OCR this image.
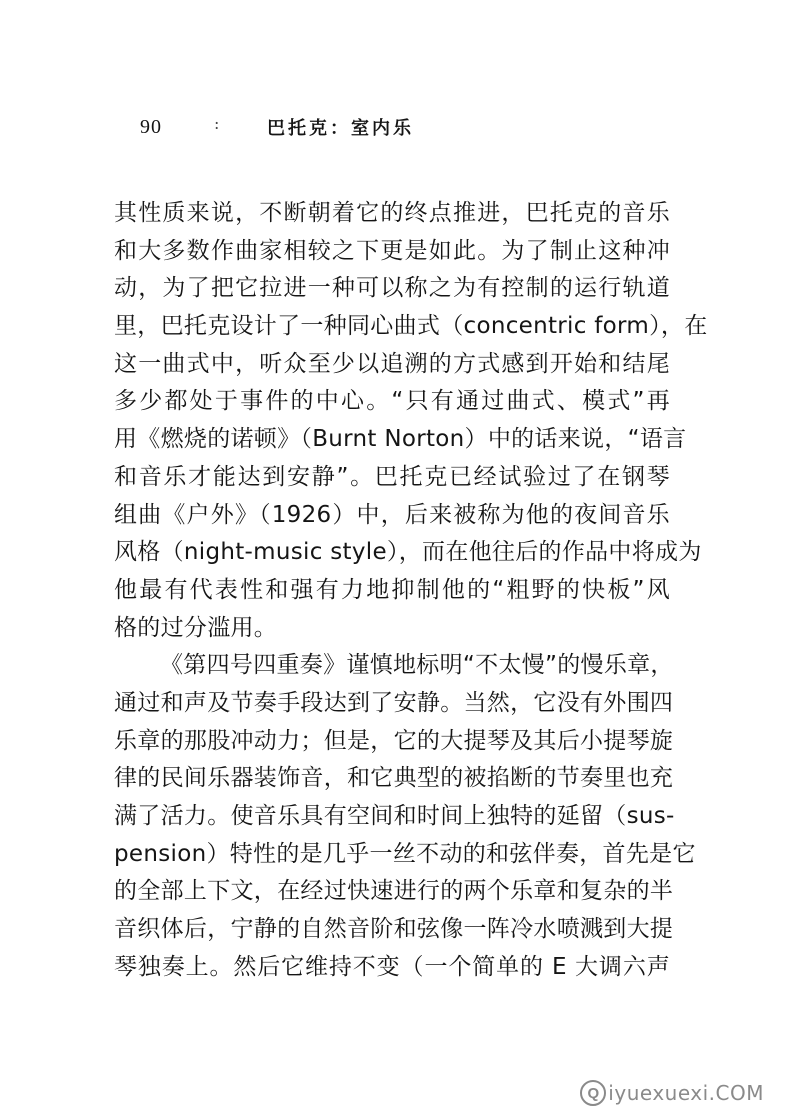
90	:	巴托克：室内乐
其性质来说，不断朝着它的终点推进，巴托克的音乐
和大多数作曲家相较之下更是如此。为了制止这种冲
动，为了把它拉进一种可以称之为有控制的运行轨道
里，巴托克设计了一种同心曲式（concentric form），在
这一曲式中，听众至少以追溯的方式感到开始和结尾
多少都处于事件的中心。“只有通过曲式、模式”再
用《燃烧的诺顿》（Burnt Norton）中的话来说，“语言
和音乐才能达到安静”。巴托克已经试验过了在钢琴
组曲《户外》（1926）中，后来被称为他的夜间音乐
风格（night-music style），而在他往后的作品中将成为
他最有代表性和强有力地抑制他的“粗野的快板”风
格的过分滥用。
《第四号四重奏》谨慎地标明“不太慢”的慢乐章，
通过和声及节奏手段达到了安静。当然，它没有外围四
乐章的那股冲动力；但是，它的大提琴及其后小提琴旋
律的民间乐器装饰音，和它典型的被掐断的节奏里也充
满了活力。使音乐具有空间和时间上独特的延留（sus-
pension）特性的是几乎一丝不动的和弦伴奏，首先是它
的全部上下文，在经过快速进行的两个乐章和复杂的半
音织体后，宁静的自然音阶和弦像一阵冷水喷溅到大提
琴独奏上。然后它维持不变（一个简单的 E 大调六声
Q iyuexuexi.COM
